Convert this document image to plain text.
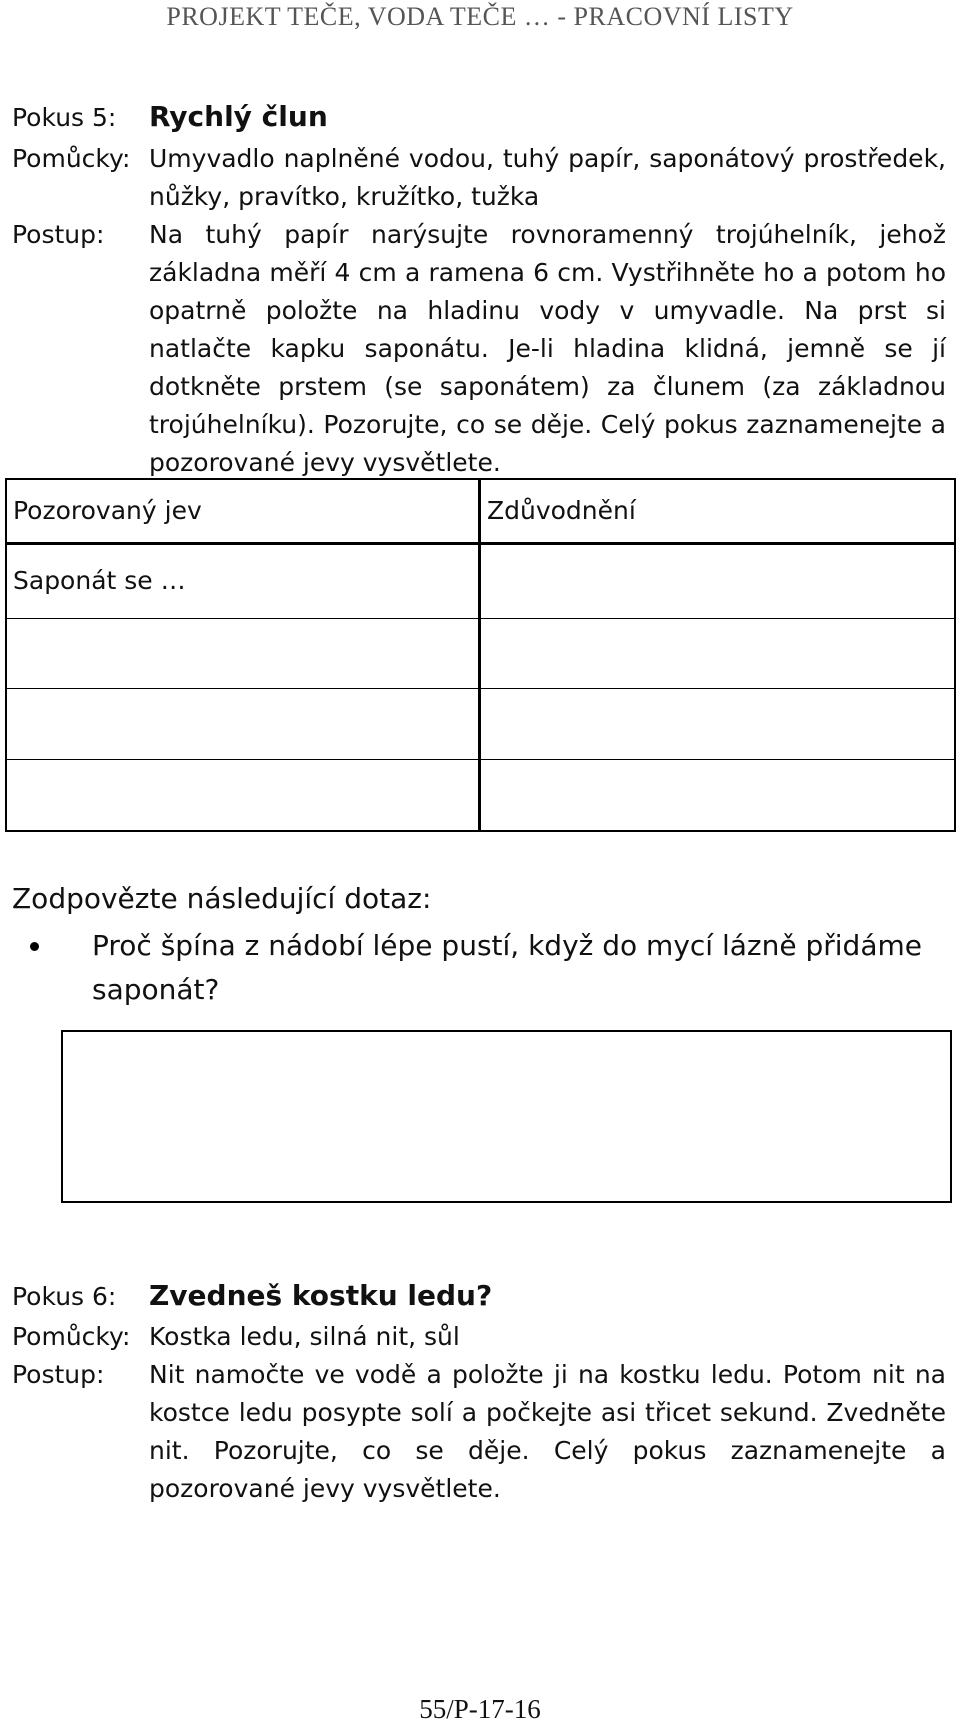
PROJEKT TEČE, VODA TEČE … - PRACOVNÍ LISTY
Pokus 5: Rychlý člun
Pomůcky: Umyvadlo naplněné vodou, tuhý papír, saponátový prostředek, nůžky, pravítko, kružítko, tužka
Postup: Na tuhý papír narýsujte rovnoramenný trojúhelník, jehož základna měří 4 cm a ramena 6 cm. Vystřihněte ho a potom ho opatrně položte na hladinu vody v umyvadle. Na prst si natlačte kapku saponátu. Je-li hladina klidná, jemně se jí dotkněte prstem (se saponátem) za člunem (za základnou trojúhelníku). Pozorujte, co se děje. Celý pokus zaznamenejte a pozorované jevy vysvětlete.
Pozorovaný jev	Zdůvodnění
Saponát se …
Zodpovězte následující dotaz:
Proč špína z nádobí lépe pustí, když do mycí lázně přidáme saponát?
Pokus 6: Zvedneš kostku ledu?
Pomůcky: Kostka ledu, silná nit, sůl
Postup: Nit namočte ve vodě a položte ji na kostku ledu. Potom nit na kostce ledu posypte solí a počkejte asi třicet sekund. Zvedněte nit. Pozorujte, co se děje. Celý pokus zaznamenejte a pozorované jevy vysvětlete.
55/P-17-16
